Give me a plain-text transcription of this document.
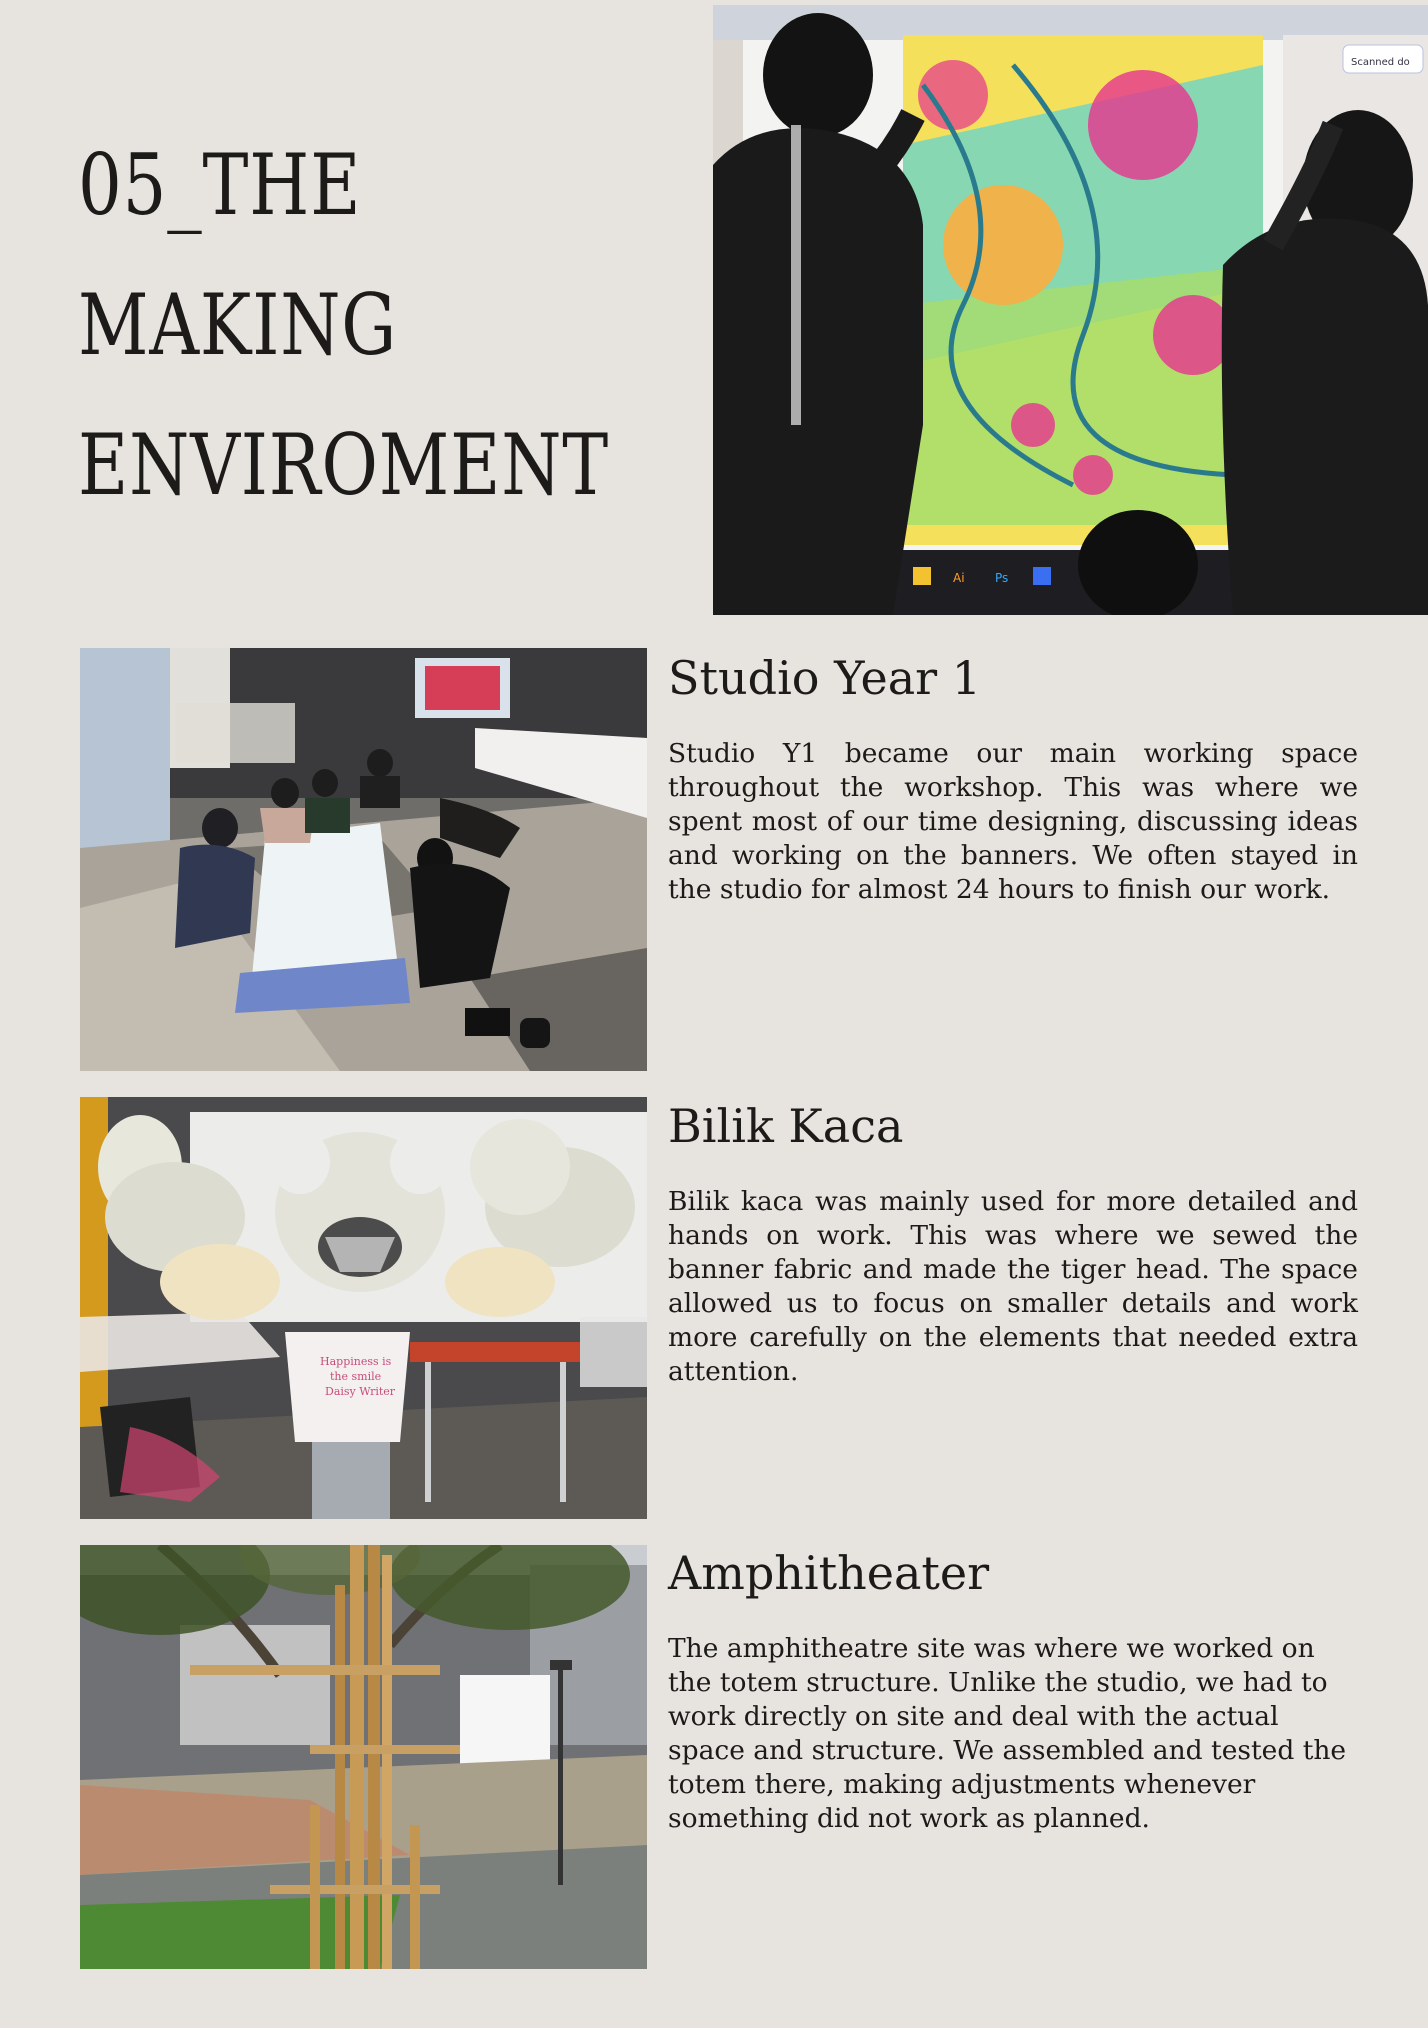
05_THE
MAKING
ENVIROMENT
Scanned do
Ai	Ps
Studio Year 1

Studio Y1 became our main working space throughout the workshop. This was where we spent most of our time designing, discussing ideas and working on the banners. We often stayed in the studio for almost 24 hours to finish our work.

Happiness is
the smile
Daisy Writer
Bilik Kaca

Bilik kaca was mainly used for more detailed and hands on work. This was where we sewed the banner fabric and made the tiger head. The space allowed us to focus on smaller details and work more carefully on the elements that needed extra attention.

Amphitheater

The amphitheatre site was where we worked on the totem structure. Unlike the studio, we had to work directly on site and deal with the actual space and structure. We assembled and tested the totem there, making adjustments whenever something did not work as planned.
